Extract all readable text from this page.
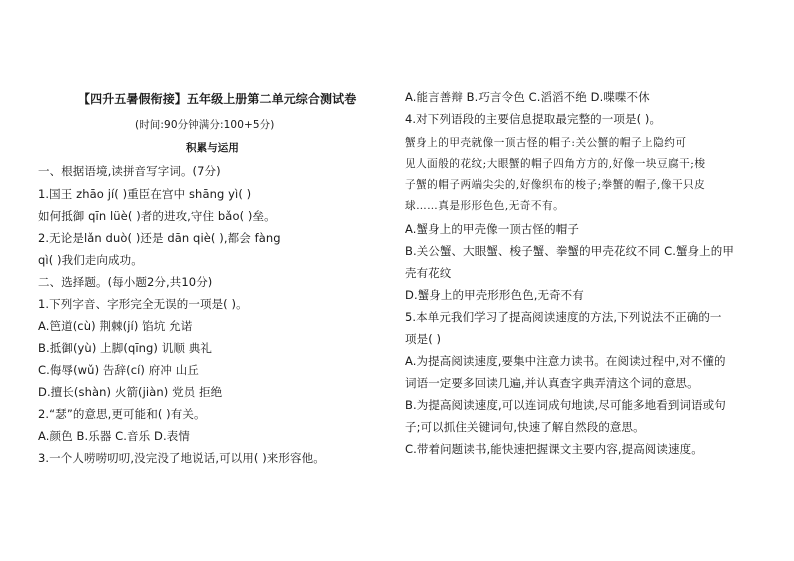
【四升五暑假衔接】五年级上册第二单元综合测试卷
(时间:90分钟满分:100+5分)
积累与运用
一、根据语境,读拼音写字词。(7分)
1.国王 zhāo jí( )重臣在宫中 shāng yì( )
如何抵御 qīn lüè( )者的进攻,守住 bǎo( )垒。
2.无论是lǎn duò( )还是 dān qiè( ),都会 fàng
qì( )我们走向成功。
二、选择题。(每小题2分,共10分)
1.下列字音、字形完全无误的一项是( )。
A.笆道(cù) 荆棘(jí) 馅坑 允诺
B.抵御(yù) 上脚(qīng) 讥顺 典礼
C.侮辱(wǔ) 告辞(cí) 府冲 山丘
D.擅长(shàn) 火箭(jiàn) 党员 拒绝
2.“瑟”的意思,更可能和( )有关。
A.颜色 B.乐器 C.音乐 D.表情
3.一个人唠唠叨叨,没完没了地说话,可以用( )来形容他。
A.能言善辩 B.巧言令色 C.滔滔不绝 D.喋喋不休
4.对下列语段的主要信息提取最完整的一项是( )。
蟹身上的甲壳就像一顶古怪的帽子:关公蟹的帽子上隐约可
见人面般的花纹;大眼蟹的帽子四角方方的,好像一块豆腐干;梭
子蟹的帽子两端尖尖的,好像织布的梭子;拳蟹的帽子,像干只皮
球……真是形形色色,无奇不有。
A.蟹身上的甲壳像一顶古怪的帽子
B.关公蟹、大眼蟹、梭子蟹、拳蟹的甲壳花纹不同 C.蟹身上的甲
壳有花纹
D.蟹身上的甲壳形形色色,无奇不有
5.本单元我们学习了提高阅读速度的方法,下列说法不正确的一
项是( )
A.为提高阅读速度,要集中注意力读书。在阅读过程中,对不懂的
词语一定要多回读几遍,并认真查字典弄清这个词的意思。
B.为提高阅读速度,可以连词成句地读,尽可能多地看到词语或句
子;可以抓住关键词句,快速了解自然段的意思。
C.带着问题读书,能快速把握课文主要内容,提高阅读速度。
